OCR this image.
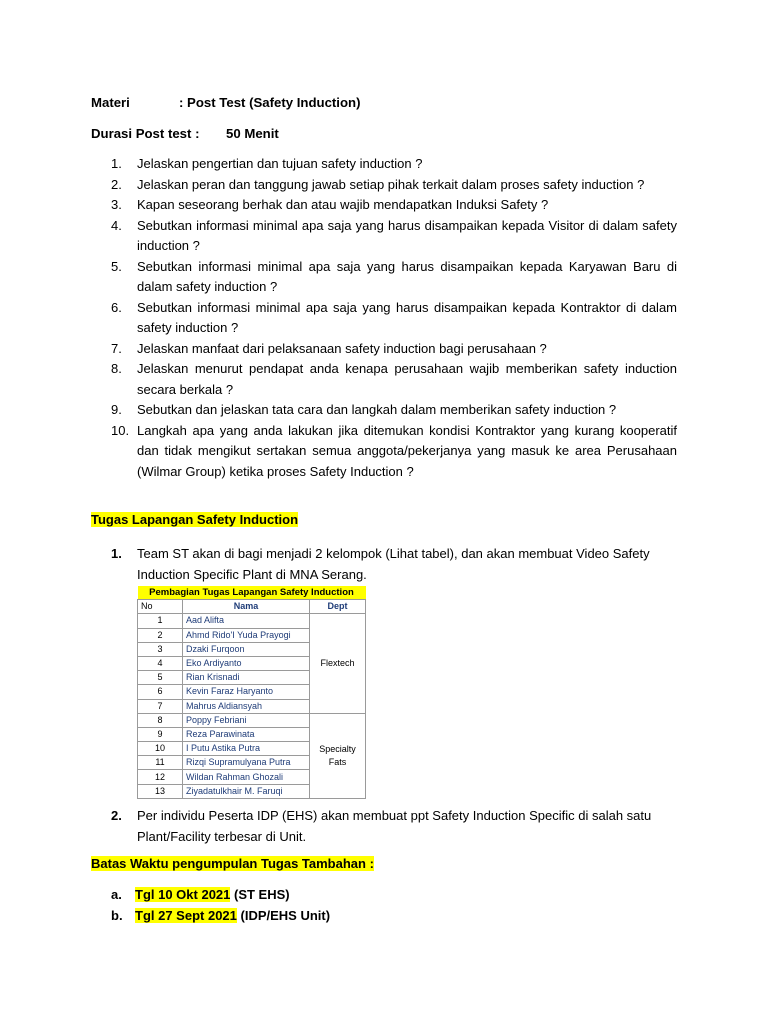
Materi	: Post Test (Safety Induction)
Durasi Post test : 50 Menit
1.	Jelaskan pengertian dan tujuan safety induction ?
2.	Jelaskan peran dan tanggung jawab setiap pihak terkait dalam proses safety induction ?
3.	Kapan seseorang berhak dan atau wajib mendapatkan Induksi Safety ?
4.	Sebutkan informasi minimal apa saja yang harus disampaikan kepada Visitor di dalam safety induction ?
5.	Sebutkan informasi minimal apa saja yang harus disampaikan kepada Karyawan Baru di dalam safety induction ?
6.	Sebutkan informasi minimal apa saja yang harus disampaikan kepada Kontraktor di dalam safety induction ?
7.	Jelaskan manfaat dari pelaksanaan safety induction bagi perusahaan ?
8.	Jelaskan menurut pendapat anda kenapa perusahaan wajib memberikan safety induction secara berkala ?
9.	Sebutkan dan jelaskan tata cara dan langkah dalam memberikan safety induction ?
10. Langkah apa yang anda lakukan jika ditemukan kondisi Kontraktor yang kurang kooperatif dan tidak mengikut sertakan semua anggota/pekerjanya yang masuk ke area Perusahaan (Wilmar Group) ketika proses Safety Induction ?
Tugas Lapangan Safety Induction
1.	Team ST akan di bagi menjadi 2 kelompok (Lihat tabel), dan akan membuat Video Safety Induction Specific Plant di MNA Serang.
Pembagian Tugas Lapangan Safety Induction		
No	Nama	Dept
1	Aad Alifta	Flextech
2	Ahmd Rido'I Yuda Prayogi	
3	Dzaki Furqoon	
4	Eko Ardiyanto	
5	Rian Krisnadi	
6	Kevin Faraz Haryanto	
7	Mahrus Aldiansyah	
8	Poppy Febriani	Specialty Fats
9	Reza Parawinata	
10	I Putu Astika Putra	
11	Rizqi Supramulyana Putra	
12	Wildan Rahman Ghozali	
13	Ziyadatulkhair M. Faruqi	
2.	Per individu Peserta IDP (EHS) akan membuat ppt Safety Induction Specific di salah satu Plant/Facility terbesar di Unit.
Batas Waktu pengumpulan Tugas Tambahan :
a. Tgl 10 Okt 2021 (ST EHS)
b. Tgl 27 Sept 2021 (IDP/EHS Unit)
